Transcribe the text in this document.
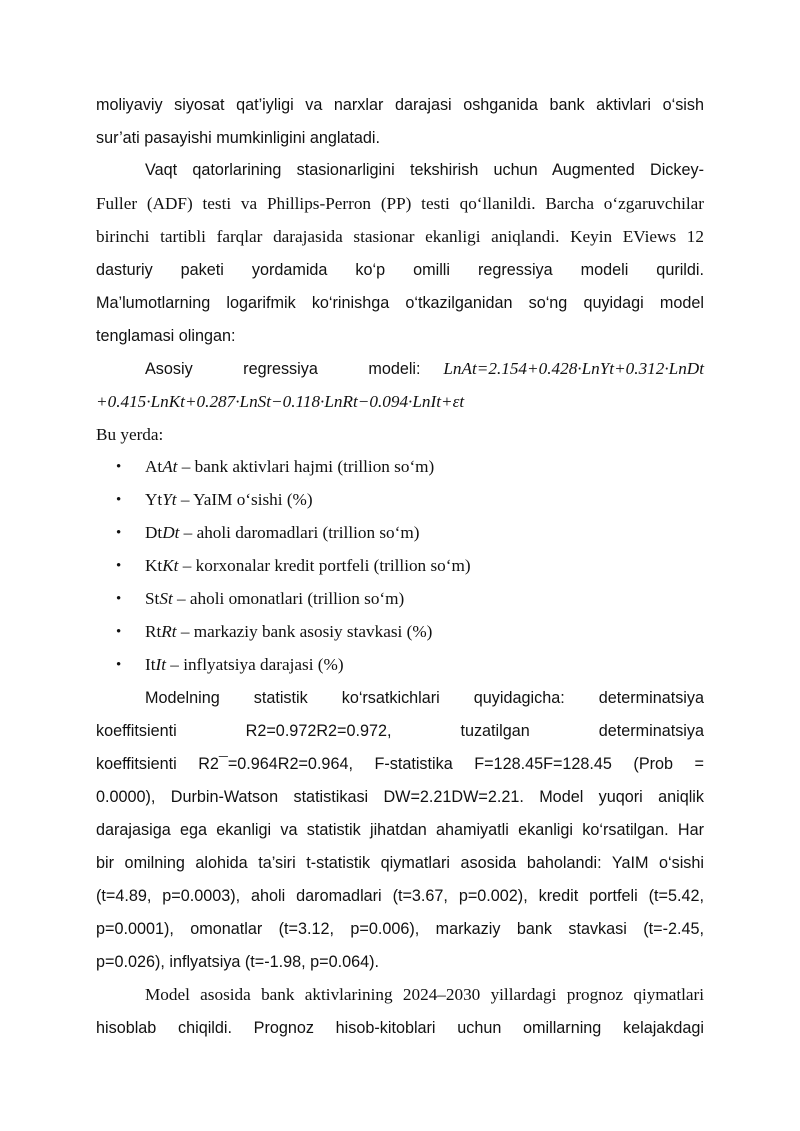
moliyaviy siyosat qat’iyligi va narxlar darajasi oshganida bank aktivlari o‘sish
sur’ati pasayishi mumkinligini anglatadi.
Vaqt qatorlarining stasionarligini tekshirish uchun Augmented Dickey-
Fuller (ADF) testi va Phillips-Perron (PP) testi qo‘llanildi. Barcha o‘zgaruvchilar
birinchi tartibli farqlar darajasida stasionar ekanligi aniqlandi. Keyin EViews 12
dasturiy paketi yordamida ko‘p omilli regressiya modeli qurildi.
Ma’lumotlarning logarifmik ko‘rinishga o‘tkazilganidan so‘ng quyidagi model
tenglamasi olingan:
Asosiy regressiya modeli: LnAt=2.154+0.428·LnYt+0.312·LnDt
+0.415·LnKt+0.287·LnSt−0.118·LnRt−0.094·LnIt+εt
Bu yerda:
• AtAt – bank aktivlari hajmi (trillion so‘m)
• YtYt – YaIM o‘sishi (%)
• DtDt – aholi daromadlari (trillion so‘m)
• KtKt – korxonalar kredit portfeli (trillion so‘m)
• StSt – aholi omonatlari (trillion so‘m)
• RtRt – markaziy bank asosiy stavkasi (%)
• ItIt – inflyatsiya darajasi (%)
Modelning statistik ko‘rsatkichlari quyidagicha: determinatsiya
koeffitsienti R2=0.972R2=0.972, tuzatilgan determinatsiya
koeffitsienti R2¯=0.964R2=0.964, F-statistika F=128.45F=128.45 (Prob =
0.0000), Durbin-Watson statistikasi DW=2.21DW=2.21. Model yuqori aniqlik
darajasiga ega ekanligi va statistik jihatdan ahamiyatli ekanligi ko‘rsatilgan. Har
bir omilning alohida ta’siri t-statistik qiymatlari asosida baholandi: YaIM o‘sishi
(t=4.89, p=0.0003), aholi daromadlari (t=3.67, p=0.002), kredit portfeli (t=5.42,
p=0.0001), omonatlar (t=3.12, p=0.006), markaziy bank stavkasi (t=-2.45,
p=0.026), inflyatsiya (t=-1.98, p=0.064).
Model asosida bank aktivlarining 2024–2030 yillardagi prognoz qiymatlari
hisoblab chiqildi. Prognoz hisob-kitoblari uchun omillarning kelajakdagi
